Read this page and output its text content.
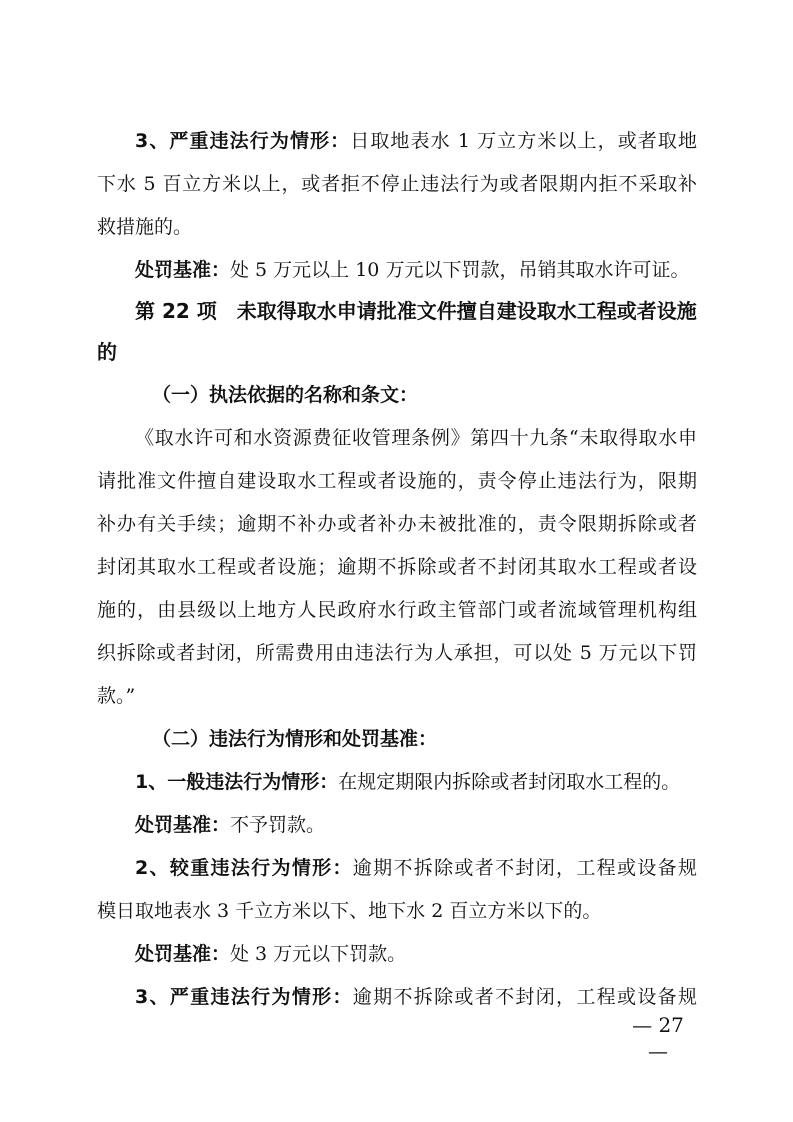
3、严重违法行为情形：日取地表水 1 万立方米以上，或者取地
下水 5 百立方米以上，或者拒不停止违法行为或者限期内拒不采取补
救措施的。
处罚基准：处 5 万元以上 10 万元以下罚款，吊销其取水许可证。
第 22 项　未取得取水申请批准文件擅自建设取水工程或者设施
的
（一）执法依据的名称和条文：
《取水许可和水资源费征收管理条例》第四十九条“未取得取水申
请批准文件擅自建设取水工程或者设施的，责令停止违法行为，限期
补办有关手续；逾期不补办或者补办未被批准的，责令限期拆除或者
封闭其取水工程或者设施；逾期不拆除或者不封闭其取水工程或者设
施的，由县级以上地方人民政府水行政主管部门或者流域管理机构组
织拆除或者封闭，所需费用由违法行为人承担，可以处 5 万元以下罚
款。”
（二）违法行为情形和处罚基准：
1、一般违法行为情形：在规定期限内拆除或者封闭取水工程的。
处罚基准：不予罚款。
2、较重违法行为情形：逾期不拆除或者不封闭，工程或设备规
模日取地表水 3 千立方米以下、地下水 2 百立方米以下的。
处罚基准：处 3 万元以下罚款。
3、严重违法行为情形：逾期不拆除或者不封闭，工程或设备规
— 27 —
